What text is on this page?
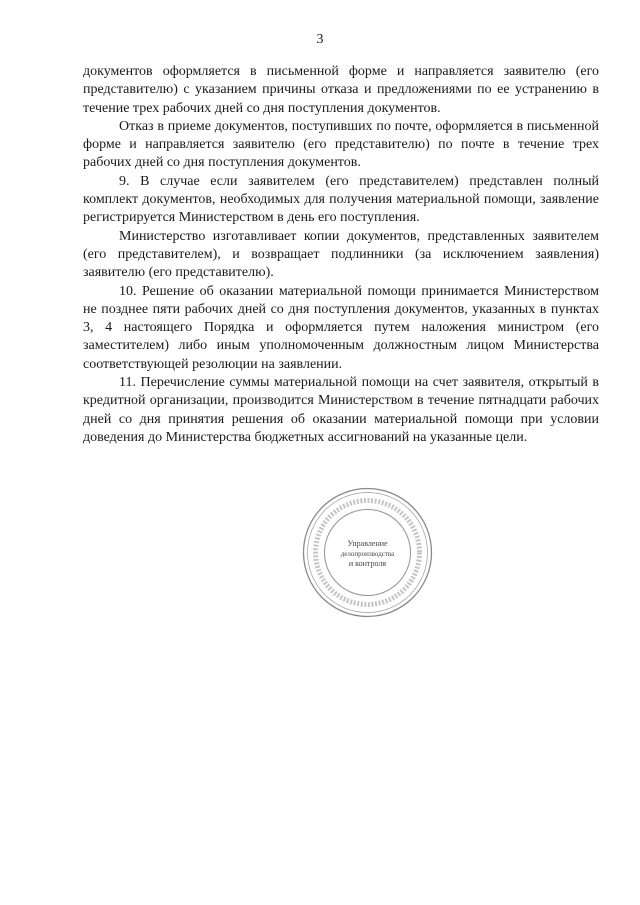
3

документов оформляется в письменной форме и направляется заявителю (его представителю) с указанием причины отказа и предложениями по ее устранению в течение трех рабочих дней со дня поступления документов.

Отказ в приеме документов, поступивших по почте, оформляется в письменной форме и направляется заявителю (его представителю) по почте в течение трех рабочих дней со дня поступления документов.

9. В случае если заявителем (его представителем) представлен полный комплект документов, необходимых для получения материальной помощи, заявление регистрируется Министерством в день его поступления.

Министерство изготавливает копии документов, представленных заявителем (его представителем), и возвращает подлинники (за исключением заявления) заявителю (его представителю).

10. Решение об оказании материальной помощи принимается Министерством не позднее пяти рабочих дней со дня поступления документов, указанных в пунктах 3, 4 настоящего Порядка и оформляется путем наложения министром (его заместителем) либо иным уполномоченным должностным лицом Министерства соответствующей резолюции на заявлении.

11. Перечисление суммы материальной помощи на счет заявителя, открытый в кредитной организации, производится Министерством в течение пятнадцати рабочих дней со дня принятия решения об оказании материальной помощи при условии доведения до Министерства бюджетных ассигнований на указанные цели.

Управление
делопроизводства
и контроля
